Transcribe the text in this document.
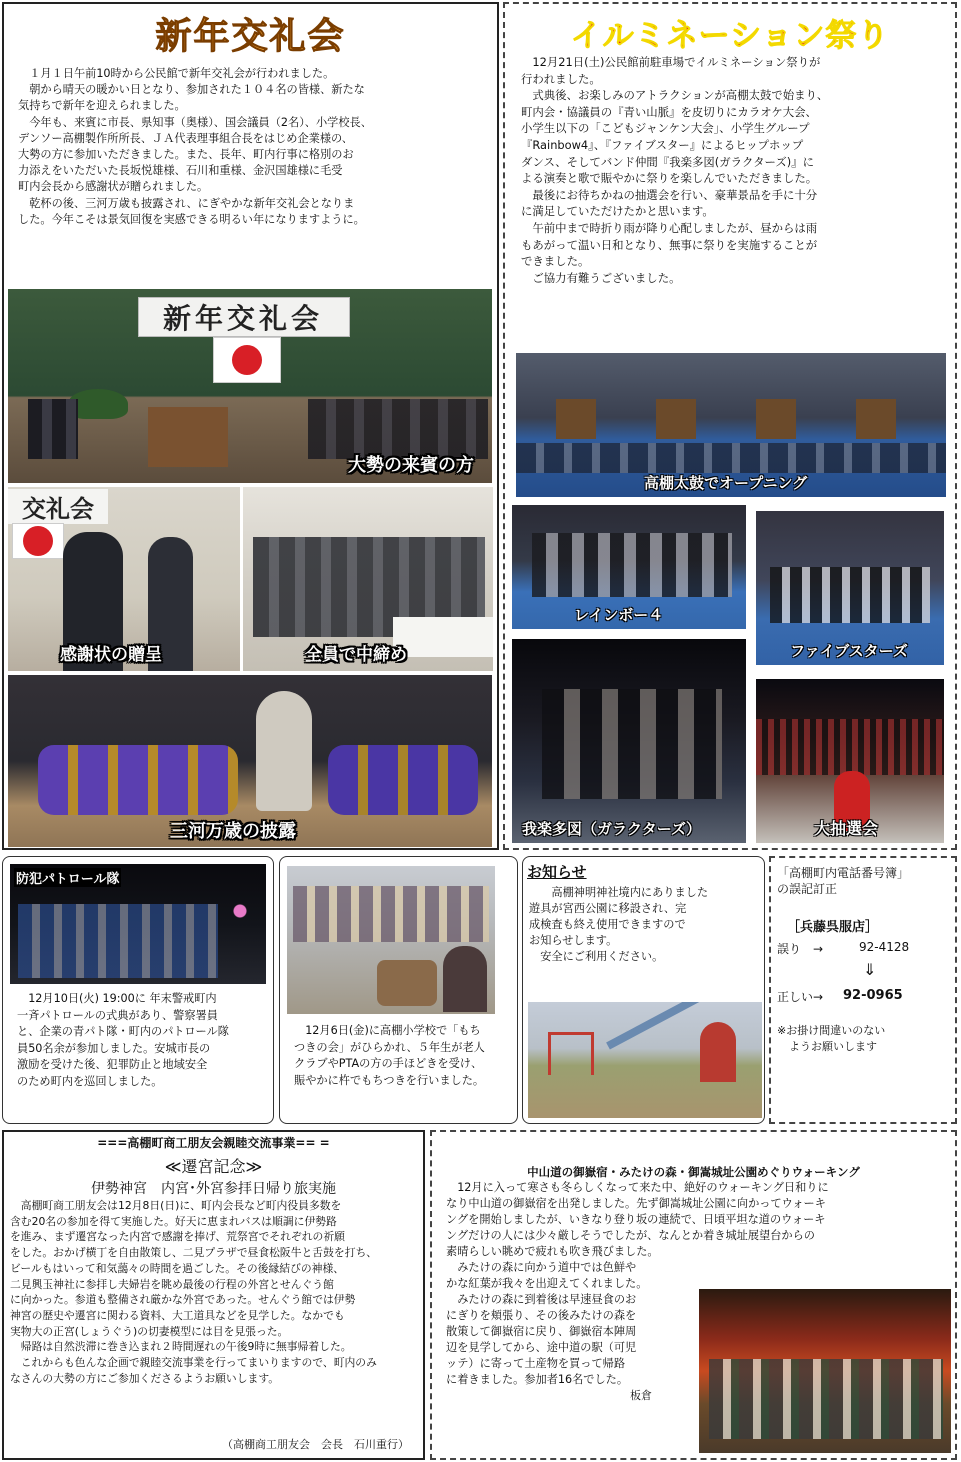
新年交礼会
　１月１日午前10時から公民館で新年交礼会が行われました。
　朝から晴天の暖かい日となり、参加された１０４名の皆様、新たな
気持ちで新年を迎えられました。
　今年も、来賓に市長、県知事（奥様）、国会議員（2名）、小学校長、
デンソー高棚製作所所長、ＪＡ代表理事組合長をはじめ企業様の、
大勢の方に参加いただきました。また、長年、町内行事に格別のお
力添えをいただいた長坂悦雄様、石川和重様、金沢国雄様に毛受
町内会長から感謝状が贈られました。
　乾杯の後、三河万歳も披露され、にぎやかな新年交礼会となりま
した。今年こそは景気回復を実感できる明るい年になりますように。
新年交礼会
大勢の来賓の方
交礼会
感謝状の贈呈	全員で中締め
三河万歳の披露
イルミネーション祭り
　12月21日(土)公民館前駐車場でイルミネーション祭りが
行われました。
　式典後、お楽しみのアトラクションが高棚太鼓で始まり、
町内会・協議員の『青い山脈』を皮切りにカラオケ大会、
小学生以下の「こどもジャンケン大会」、小学生グループ
『Rainbow4』、『ファイブスター』によるヒップホップ
ダンス、そしてバンド仲間『我楽多図(ガラクターズ)』に
よる演奏と歌で賑やかに祭りを楽しんでいただきました。
　最後にお待ちかねの抽選会を行い、豪華景品を手に十分
に満足していただけたかと思います。
　午前中まで時折り雨が降り心配しましたが、昼からは雨
もあがって温い日和となり、無事に祭りを実施することが
できました。
　ご協力有難うございました。
高棚太鼓でオープニング
レインボー４
ファイブスターズ
我楽多図（ガラクターズ）	大抽選会
防犯パトロール隊
　12月10日(火) 19:00に 年末警戒町内
一斉パトロールの式典があり、警察署員
と、企業の青パト隊・町内のパトロール隊
員50名余が参加しました。安城市長の
激励を受けた後、犯罪防止と地域安全
のため町内を巡回しました。
　12月6日(金)に高棚小学校で「もち
つきの会」がひらかれ、５年生が老人
クラブやPTAの方の手ほどきを受け、
賑やかに杵でもちつきを行いました。
お知らせ
　　高棚神明神社境内にありました
遊具が宮西公園に移設され、完
成検査も終え使用できますので
お知らせします。
　安全にご利用ください。
「高棚町内電話番号簿」
の誤記訂正
［兵藤呉服店］
誤り　→	92-4128
⇓
正しい→ 92-0965
※お掛け間違いのない
ようお願いします
===高棚町商工朋友会親睦交流事業== =
≪遷宮記念≫
伊勢神宮　内宮･外宮参拝日帰り旅実施
　高棚町商工朋友会は12月8日(日)に、町内会長など町内役員多数を
含む20名の参加を得て実施した。好天に恵まれバスは順調に伊勢路
を進み、まず遷宮なった内宮で感謝を捧げ、荒祭宮でそれぞれの祈願
をした。おかげ横丁を自由散策し、二見プラザで昼食松阪牛と舌鼓を打ち、
ビールもはいって和気藹々の時間を過ごした。その後縁結びの神様、
二見興玉神社に参拝し夫婦岩を眺め最後の行程の外宮とせんぐう館
に向かった。参道も整備され厳かな外宮であった。せんぐう館では伊勢
神宮の歴史や遷宮に関わる資料、大工道具などを見学した。なかでも
実物大の正宮(しょうぐう)の切妻模型には目を見張った。
　帰路は自然渋滞に巻き込まれ２時間遅れの午後9時に無事帰着した。
　これからも色んな企画で親睦交流事業を行ってまいりますので、町内のみ
なさんの大勢の方にご参加くださるようお願いします。
（高棚商工朋友会　会長　石川重行）
中山道の御嶽宿・みたけの森・御嵩城址公園めぐりウォーキング
　12月に入って寒さも冬らしくなって来た中、絶好のウォーキング日和りに
なり中山道の御嶽宿を出発しました。先ず御嵩城址公園に向かってウォーキ
ングを開始しましたが、いきなり登り坂の連続で、日頃平坦な道のウォーキ
ングだけの人には少々厳しそうでしたが、なんとか着き城址展望台からの
素晴らしい眺めで疲れも吹き飛びました。
　みたけの森に向かう道中では色鮮や
かな紅葉が我々を出迎えてくれました。
　みたけの森に到着後は早速昼食のお
にぎりを頬張り、その後みたけの森を
散策して御嶽宿に戻り、御嶽宿本陣周
辺を見学してから、途中道の駅（可児
ッテ）に寄って土産物を買って帰路
に着きました。参加者16名でした。
板倉
